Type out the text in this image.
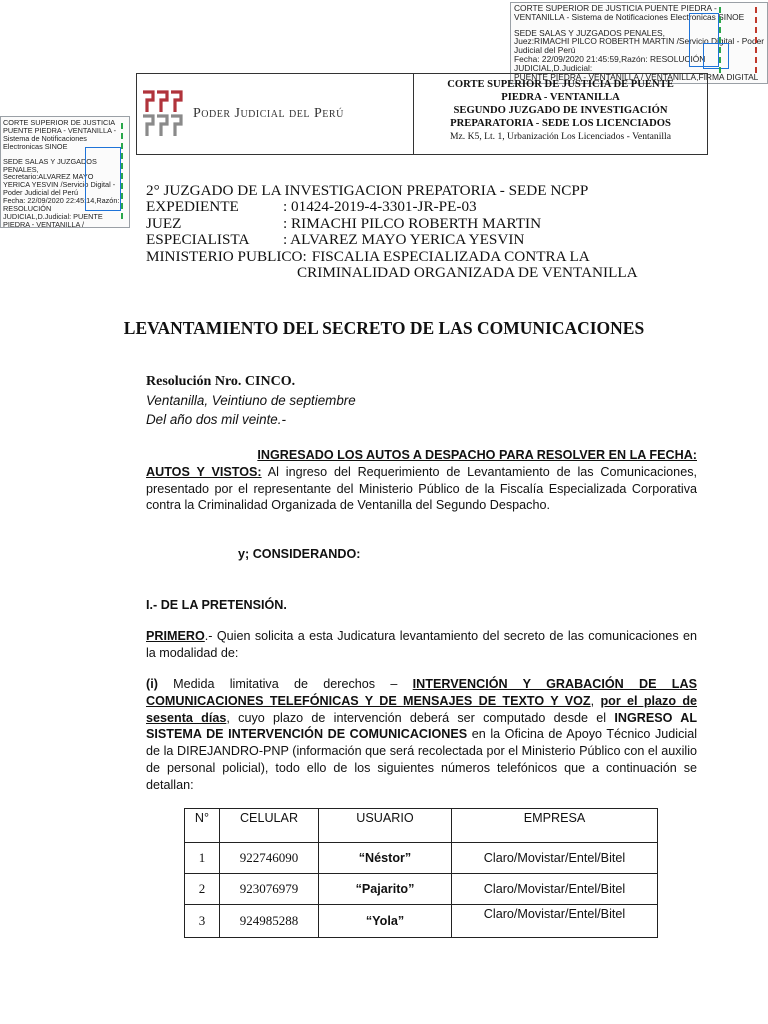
CORTE SUPERIOR DE JUSTICIA PUENTE PIEDRA -
VENTANILLA - Sistema de Notificaciones Electronicas SINOE
SEDE SALAS Y JUZGADOS PENALES,
Juez:RIMACHI PILCO ROBERTH MARTIN /Servicio Digital - Poder
Judicial del Perú
Fecha: 22/09/2020 21:45:59,Razón: RESOLUCIÓN JUDICIAL,D.Judicial:
PUENTE PIEDRA - VENTANILLA / VENTANILLA,FIRMA DIGITAL
CORTE SUPERIOR DE JUSTICIA
PUENTE PIEDRA - VENTANILLA -
Sistema de Notificaciones
Electronicas SINOE
SEDE SALAS Y JUZGADOS
PENALES,
Secretario:ALVAREZ MAYO
YERICA YESVIN /Servicio Digital -
Poder Judicial del Perú
Fecha: 22/09/2020 22:45:14,Razón:
RESOLUCIÓN
JUDICIAL,D.Judicial: PUENTE
PIEDRA - VENTANILLA /
Poder Judicial del Perú
CORTE SUPERIOR DE JUSTICIA DE PUENTE
PIEDRA - VENTANILLA
SEGUNDO JUZGADO DE INVESTIGACIÓN
PREPARATORIA - SEDE LOS LICENCIADOS
Mz. K5, Lt. 1, Urbanización Los Licenciados - Ventanilla
2° JUZGADO DE LA INVESTIGACION PREPATORIA - SEDE NCPP
EXPEDIENTE	: 01424-2019-4-3301-JR-PE-03
JUEZ	: RIMACHI PILCO ROBERTH MARTIN
ESPECIALISTA	: ALVAREZ MAYO YERICA YESVIN
MINISTERIO PUBLICO: FISCALIA ESPECIALIZADA CONTRA LA
CRIMINALIDAD ORGANIZADA DE VENTANILLA
LEVANTAMIENTO DEL SECRETO DE LAS COMUNICACIONES
Resolución Nro. CINCO.
Ventanilla, Veintiuno de septiembre
Del año dos mil veinte.-
INGRESADO LOS AUTOS A DESPACHO PARA RESOLVER EN LA FECHA:
AUTOS Y VISTOS: Al ingreso del Requerimiento de Levantamiento de las Comunicaciones, presentado por el representante del Ministerio Público de la Fiscalía Especializada Corporativa contra la Criminalidad Organizada de Ventanilla del Segundo Despacho.
y; CONSIDERANDO:
I.- DE LA PRETENSIÓN.
PRIMERO.- Quien solicita a esta Judicatura levantamiento del secreto de las comunicaciones en la modalidad de:
(i) Medida limitativa de derechos – INTERVENCIÓN Y GRABACIÓN DE LAS COMUNICACIONES TELEFÓNICAS Y DE MENSAJES DE TEXTO Y VOZ, por el plazo de sesenta días, cuyo plazo de intervención deberá ser computado desde el INGRESO AL SISTEMA DE INTERVENCIÓN DE COMUNICACIONES en la Oficina de Apoyo Técnico Judicial de la DIREJANDRO-PNP (información que será recolectada por el Ministerio Público con el auxilio de personal policial), todo ello de los siguientes números telefónicos que a continuación se detallan:
N°	CELULAR	USUARIO	EMPRESA
1	922746090	“Néstor”	Claro/Movistar/Entel/Bitel
2	923076979	“Pajarito”	Claro/Movistar/Entel/Bitel
3	924985288	“Yola”	Claro/Movistar/Entel/Bitel
